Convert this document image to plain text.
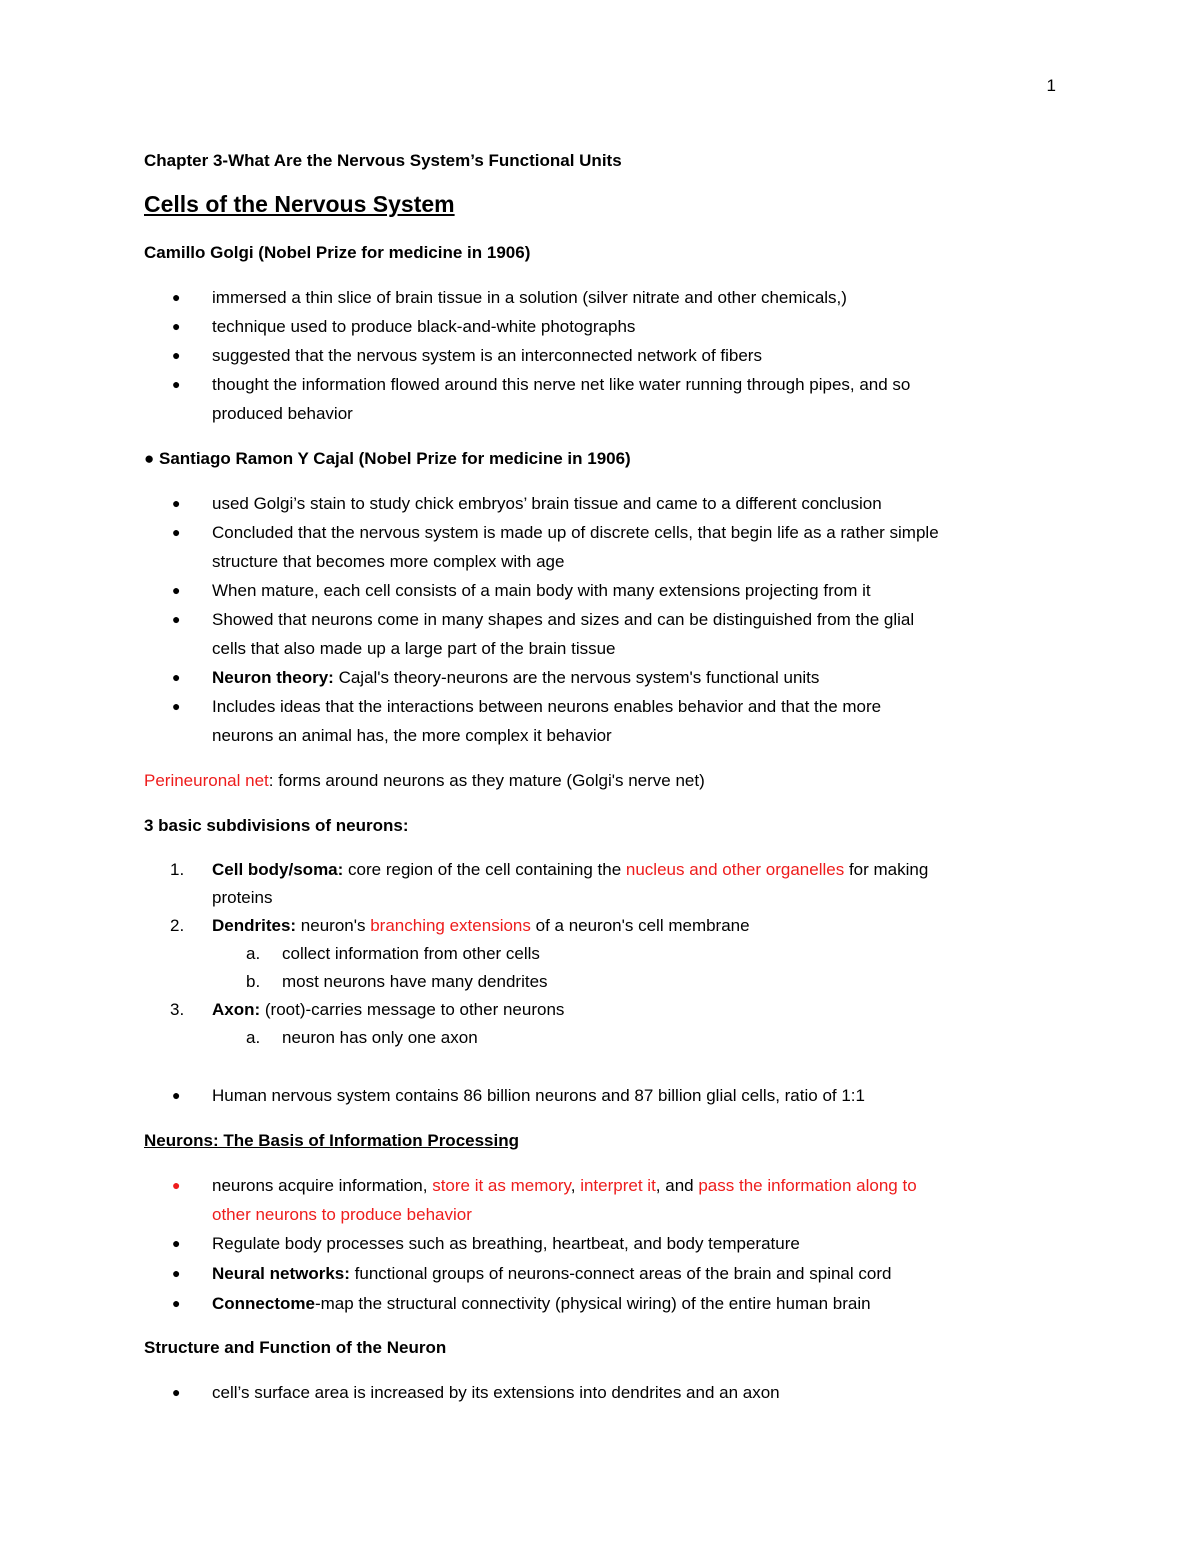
1
Chapter 3-What Are the Nervous System’s Functional Units
Cells of the Nervous System
Camillo Golgi (Nobel Prize for medicine in 1906)
●	immersed a thin slice of brain tissue in a solution (silver nitrate and other chemicals,)
●	technique used to produce black-and-white photographs
●	suggested that the nervous system is an interconnected network of fibers
●	thought the information flowed around this nerve net like water running through pipes, and so
produced behavior
● Santiago Ramon Y Cajal (Nobel Prize for medicine in 1906)
●	used Golgi’s stain to study chick embryos’ brain tissue and came to a different conclusion
●	Concluded that the nervous system is made up of discrete cells, that begin life as a rather simple
structure that becomes more complex with age
●	When mature, each cell consists of a main body with many extensions projecting from it
●	Showed that neurons come in many shapes and sizes and can be distinguished from the glial
cells that also made up a large part of the brain tissue
●	Neuron theory: Cajal's theory-neurons are the nervous system's functional units
●	Includes ideas that the interactions between neurons enables behavior and that the more
neurons an animal has, the more complex it behavior
Perineuronal net: forms around neurons as they mature (Golgi's nerve net)
3 basic subdivisions of neurons:
1. Cell body/soma: core region of the cell containing the nucleus and other organelles for making
proteins
2. Dendrites: neuron's branching extensions of a neuron's cell membrane
a. collect information from other cells
b. most neurons have many dendrites
3. Axon: (root)-carries message to other neurons
a. neuron has only one axon
●	Human nervous system contains 86 billion neurons and 87 billion glial cells, ratio of 1:1
Neurons: The Basis of Information Processing
●	neurons acquire information, store it as memory, interpret it, and pass the information along to
other neurons to produce behavior
●	Regulate body processes such as breathing, heartbeat, and body temperature
●	Neural networks: functional groups of neurons-connect areas of the brain and spinal cord
●	Connectome-map the structural connectivity (physical wiring) of the entire human brain
Structure and Function of the Neuron
●	cell’s surface area is increased by its extensions into dendrites and an axon
